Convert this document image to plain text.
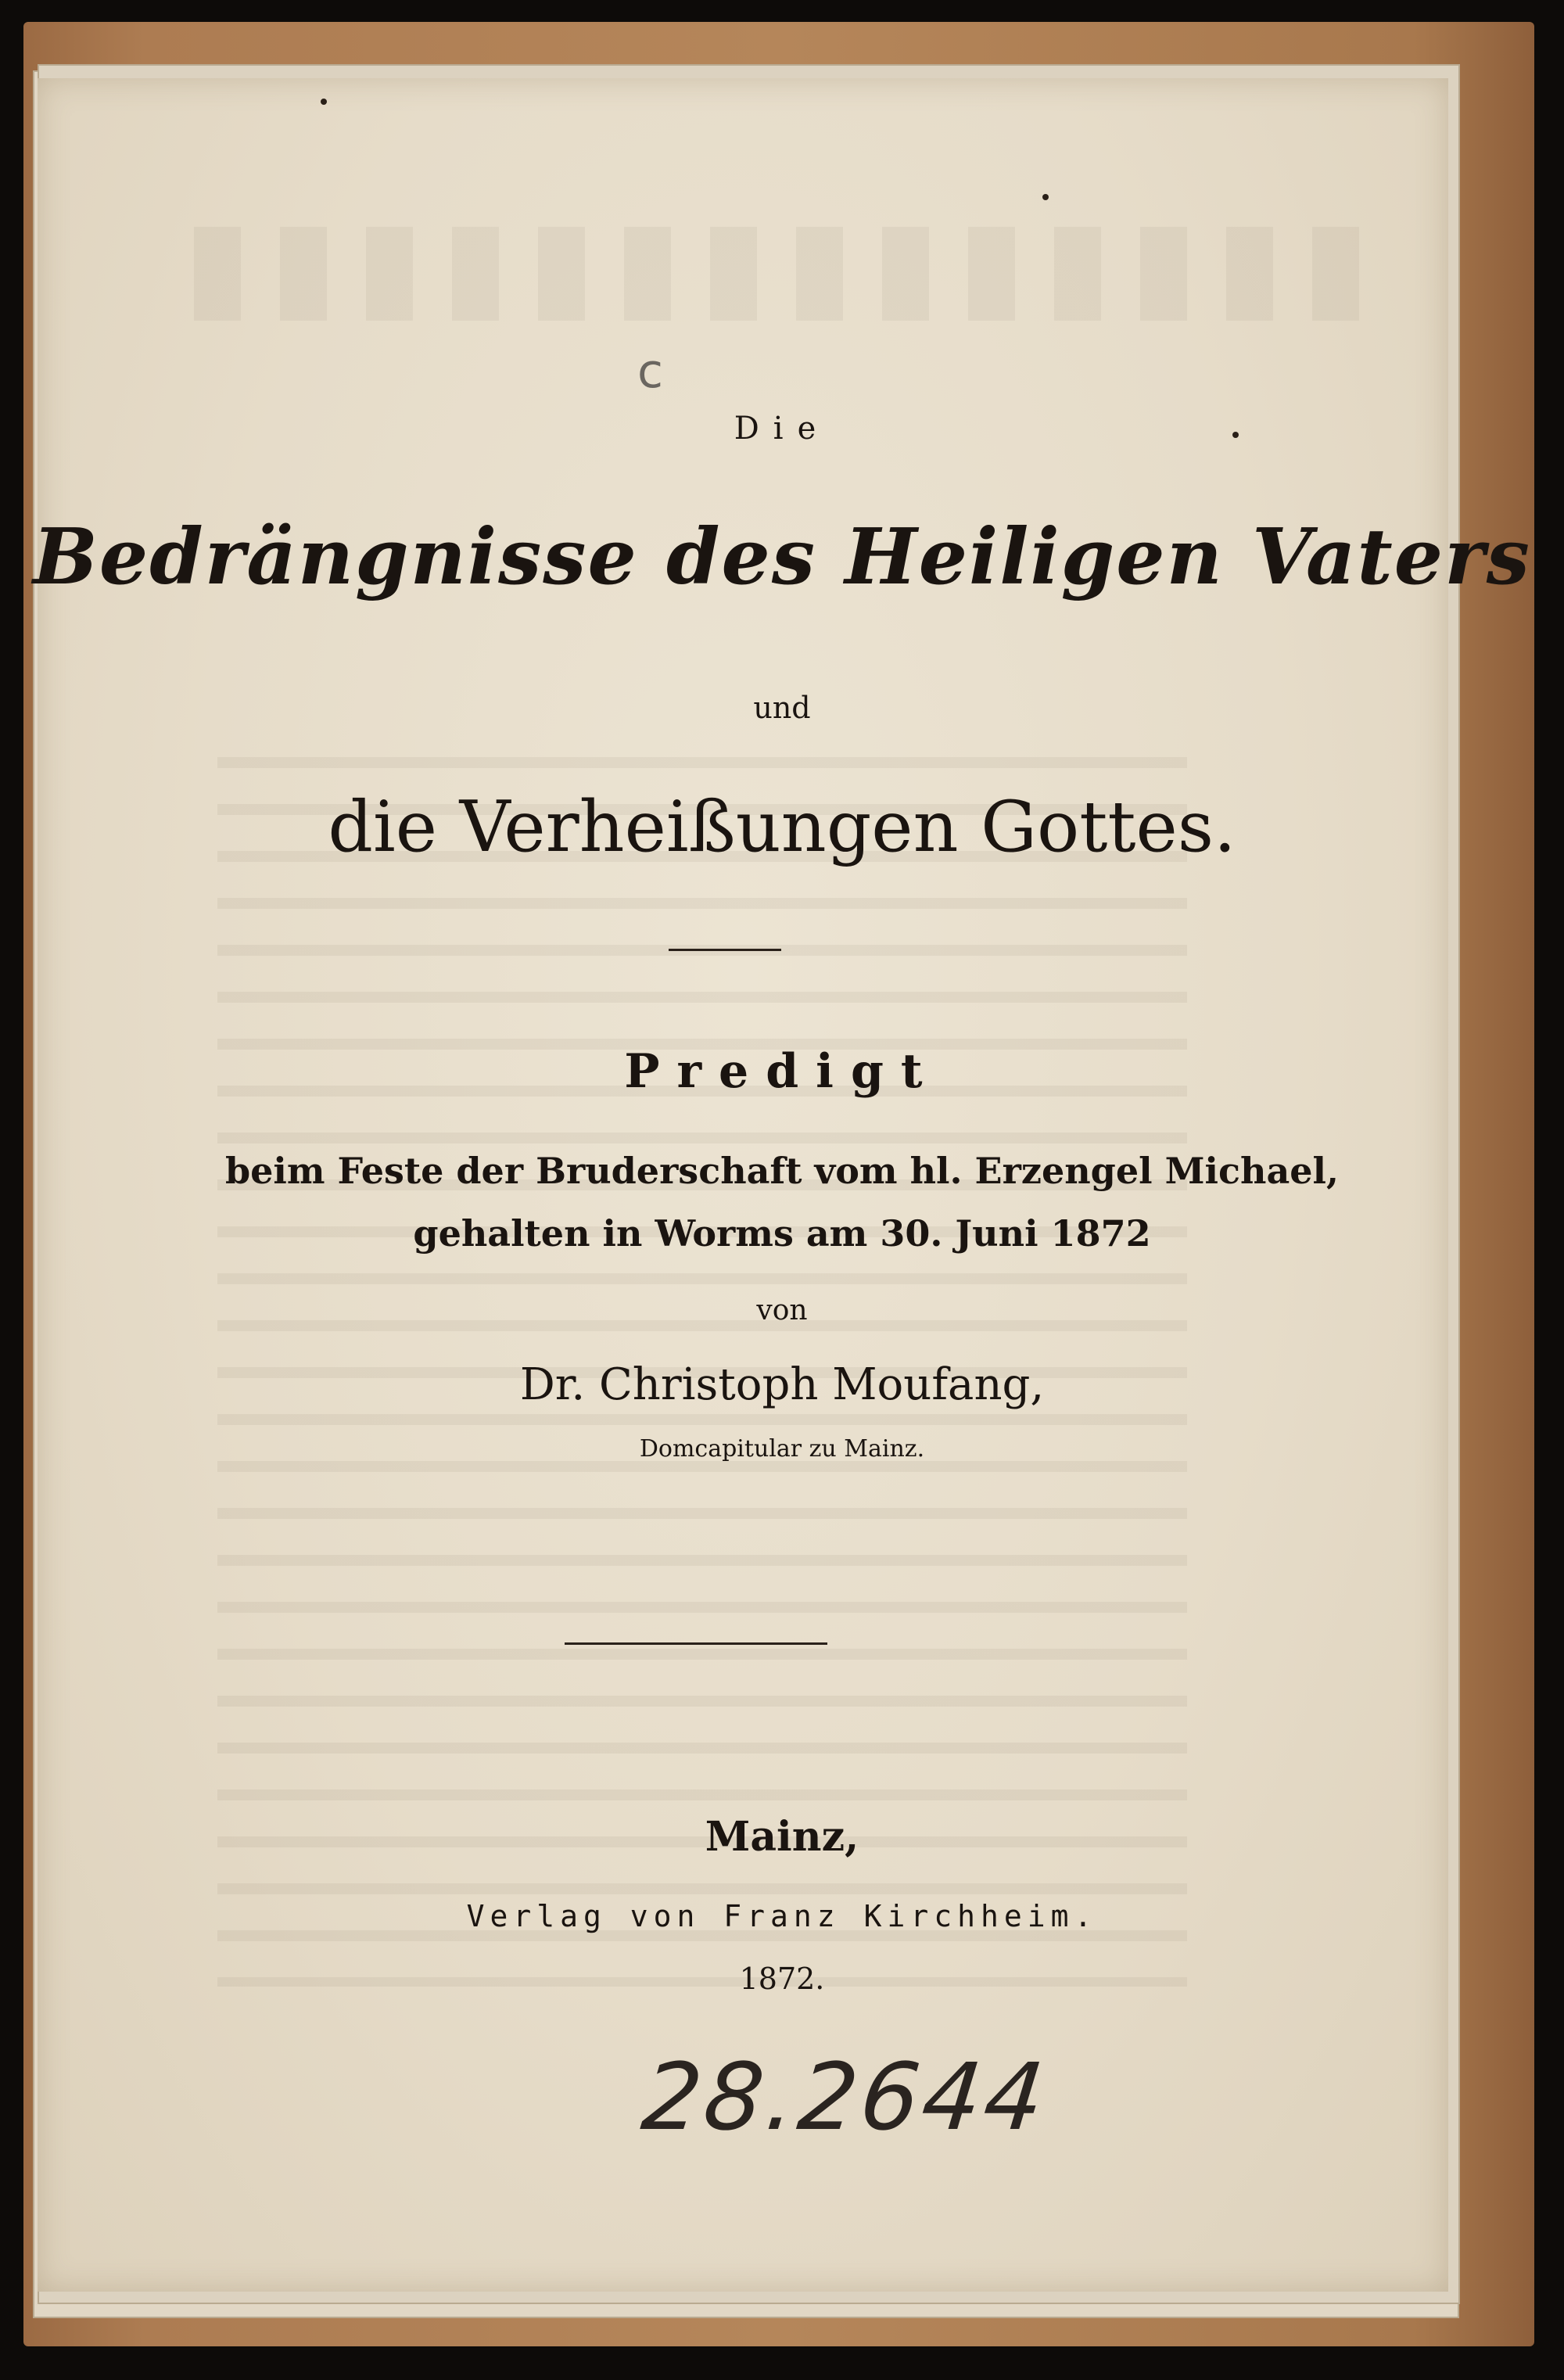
c
Die
Bedrängnisse des Heiligen Vaters
und
die Verheißungen Gottes.
Predigt
beim Feste der Bruderschaft vom hl. Erzengel Michael,
gehalten in Worms am 30. Juni 1872
von
Dr. Christoph Moufang,
Domcapitular zu Mainz.
Mainz,
Verlag von Franz Kirchheim.
1872.
28.2644
